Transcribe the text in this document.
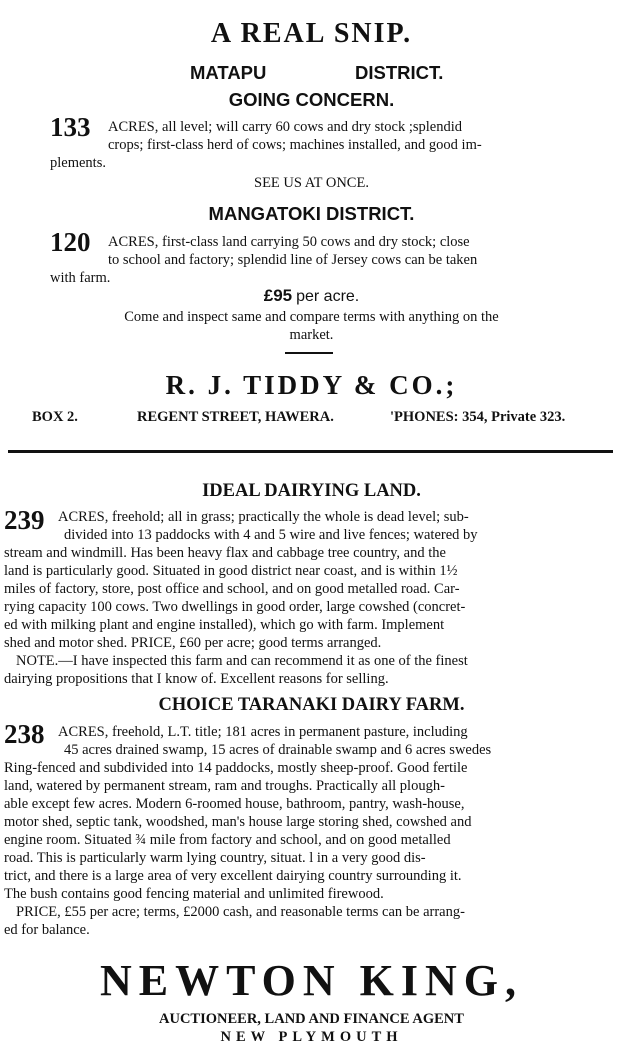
A REAL SNIP.
MATAPU	DISTRICT.
GOING CONCERN.
133 ACRES, all level; will carry 60 cows and dry stock ;splendid
crops; first-class herd of cows; machines installed, and good im-
plements.
SEE US AT ONCE.
MANGATOKI DISTRICT.
120 ACRES, first-class land carrying 50 cows and dry stock; close
to school and factory; splendid line of Jersey cows can be taken
with farm.
£95 per acre.
Come and inspect same and compare terms with anything on the
market.
R. J. TIDDY & CO.;
BOX 2.	REGENT STREET, HAWERA.	'PHONES: 354, Private 323.
IDEAL DAIRYING LAND.
239 ACRES, freehold; all in grass; practically the whole is dead level; sub-
divided into 13 paddocks with 4 and 5 wire and live fences; watered by
stream and windmill. Has been heavy flax and cabbage tree country, and the
land is particularly good. Situated in good district near coast, and is within 1½
miles of factory, store, post office and school, and on good metalled road. Car-
rying capacity 100 cows. Two dwellings in good order, large cowshed (concret-
ed with milking plant and engine installed), which go with farm. Implement
shed and motor shed. PRICE, £60 per acre; good terms arranged.
NOTE.—I have inspected this farm and can recommend it as one of the finest
dairying propositions that I know of. Excellent reasons for selling.
CHOICE TARANAKI DAIRY FARM.
238 ACRES, freehold, L.T. title; 181 acres in permanent pasture, including
45 acres drained swamp, 15 acres of drainable swamp and 6 acres swedes
Ring-fenced and subdivided into 14 paddocks, mostly sheep-proof. Good fertile
land, watered by permanent stream, ram and troughs. Practically all plough-
able except few acres. Modern 6-roomed house, bathroom, pantry, wash-house,
motor shed, septic tank, woodshed, man's house large storing shed, cowshed and
engine room. Situated ¾ mile from factory and school, and on good metalled
road. This is particularly warm lying country, situat. l in a very good dis-
trict, and there is a large area of very excellent dairying country surrounding it.
The bush contains good fencing material and unlimited firewood.
PRICE, £55 per acre; terms, £2000 cash, and reasonable terms can be arrang-
ed for balance.
NEWTON KING,
AUCTIONEER, LAND AND FINANCE AGENT
NEW PLYMOUTH
